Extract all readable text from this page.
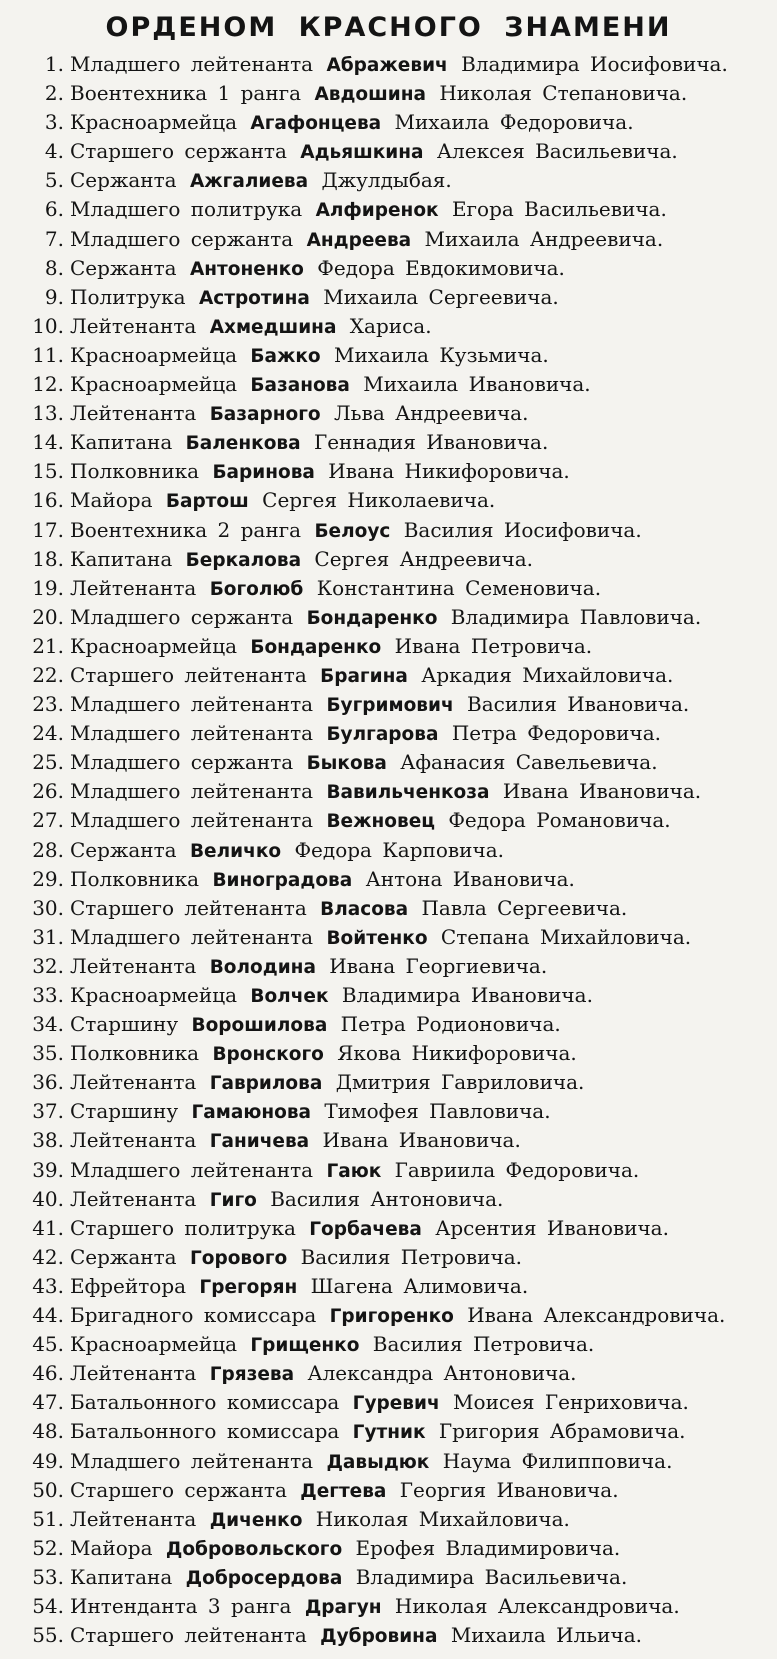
ОРДЕНОМ КРАСНОГО ЗНАМЕНИ
1. Младшего лейтенанта Абражевич Владимира Иосифовича.
2. Воентехника 1 ранга Авдошина Николая Степановича.
3. Красноармейца Агафонцева Михаила Федоровича.
4. Старшего сержанта Адьяшкина Алексея Васильевича.
5. Сержанта Ажгалиева Джулдыбая.
6. Младшего политрука Алфиренок Егора Васильевича.
7. Младшего сержанта Андреева Михаила Андреевича.
8. Сержанта Антоненко Федора Евдокимовича.
9. Политрука Астротина Михаила Сергеевича.
10. Лейтенанта Ахмедшина Хариса.
11. Красноармейца Бажко Михаила Кузьмича.
12. Красноармейца Базанова Михаила Ивановича.
13. Лейтенанта Базарного Льва Андреевича.
14. Капитана Баленкова Геннадия Ивановича.
15. Полковника Баринова Ивана Никифоровича.
16. Майора Бартош Сергея Николаевича.
17. Воентехника 2 ранга Белоус Василия Иосифовича.
18. Капитана Беркалова Сергея Андреевича.
19. Лейтенанта Боголюб Константина Семеновича.
20. Младшего сержанта Бондаренко Владимира Павловича.
21. Красноармейца Бондаренко Ивана Петровича.
22. Старшего лейтенанта Брагина Аркадия Михайловича.
23. Младшего лейтенанта Бугримович Василия Ивановича.
24. Младшего лейтенанта Булгарова Петра Федоровича.
25. Младшего сержанта Быкова Афанасия Савельевича.
26. Младшего лейтенанта Вавильченкоза Ивана Ивановича.
27. Младшего лейтенанта Вежновец Федора Романовича.
28. Сержанта Величко Федора Карповича.
29. Полковника Виноградова Антона Ивановича.
30. Старшего лейтенанта Власова Павла Сергеевича.
31. Младшего лейтенанта Войтенко Степана Михайловича.
32. Лейтенанта Володина Ивана Георгиевича.
33. Красноармейца Волчек Владимира Ивановича.
34. Старшину Ворошилова Петра Родионовича.
35. Полковника Вронского Якова Никифоровича.
36. Лейтенанта Гаврилова Дмитрия Гавриловича.
37. Старшину Гамаюнова Тимофея Павловича.
38. Лейтенанта Ганичева Ивана Ивановича.
39. Младшего лейтенанта Гаюк Гавриила Федоровича.
40. Лейтенанта Гиго Василия Антоновича.
41. Старшего политрука Горбачева Арсентия Ивановича.
42. Сержанта Горового Василия Петровича.
43. Ефрейтора Грегорян Шагена Алимовича.
44. Бригадного комиссара Григоренко Ивана Александровича.
45. Красноармейца Грищенко Василия Петровича.
46. Лейтенанта Грязева Александра Антоновича.
47. Батальонного комиссара Гуревич Моисея Генриховича.
48. Батальонного комиссара Гутник Григория Абрамовича.
49. Младшего лейтенанта Давыдюк Наума Филипповича.
50. Старшего сержанта Дегтева Георгия Ивановича.
51. Лейтенанта Диченко Николая Михайловича.
52. Майора Добровольского Ерофея Владимировича.
53. Капитана Добросердова Владимира Васильевича.
54. Интенданта 3 ранга Драгун Николая Александровича.
55. Старшего лейтенанта Дубровина Михаила Ильича.
